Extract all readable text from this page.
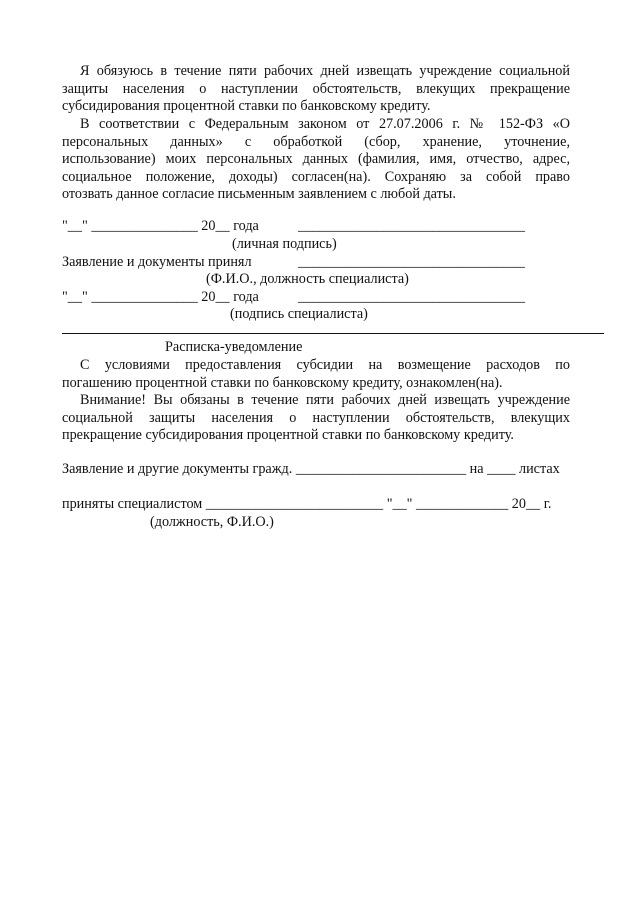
Я обязуюсь в течение пяти рабочих дней извещать учреждение социальной
защиты населения о наступлении обстоятельств, влекущих прекращение
субсидирования процентной ставки по банковскому кредиту.
В соответствии с Федеральным законом от 27.07.2006 г. № 152-ФЗ «О
персональных данных» с обработкой (сбор, хранение, уточнение,
использование) моих персональных данных (фамилия, имя, отчество, адрес,
социальное положение, доходы) согласен(на). Сохраняю за собой право
отозвать данное согласие письменным заявлением с любой даты.
"__" _______________ 20__ года	________________________________
(личная подпись)
Заявление и документы принял	________________________________
(Ф.И.О., должность специалиста)
"__" _______________ 20__ года	________________________________
(подпись специалиста)
Расписка-уведомление
С условиями предоставления субсидии на возмещение расходов по
погашению процентной ставки по банковскому кредиту, ознакомлен(на).
Внимание! Вы обязаны в течение пяти рабочих дней извещать учреждение
социальной защиты населения о наступлении обстоятельств, влекущих
прекращение субсидирования процентной ставки по банковскому кредиту.
Заявление и другие документы гражд. ________________________ на ____ листах
приняты специалистом _________________________ "__" _____________ 20__ г.
(должность, Ф.И.О.)
